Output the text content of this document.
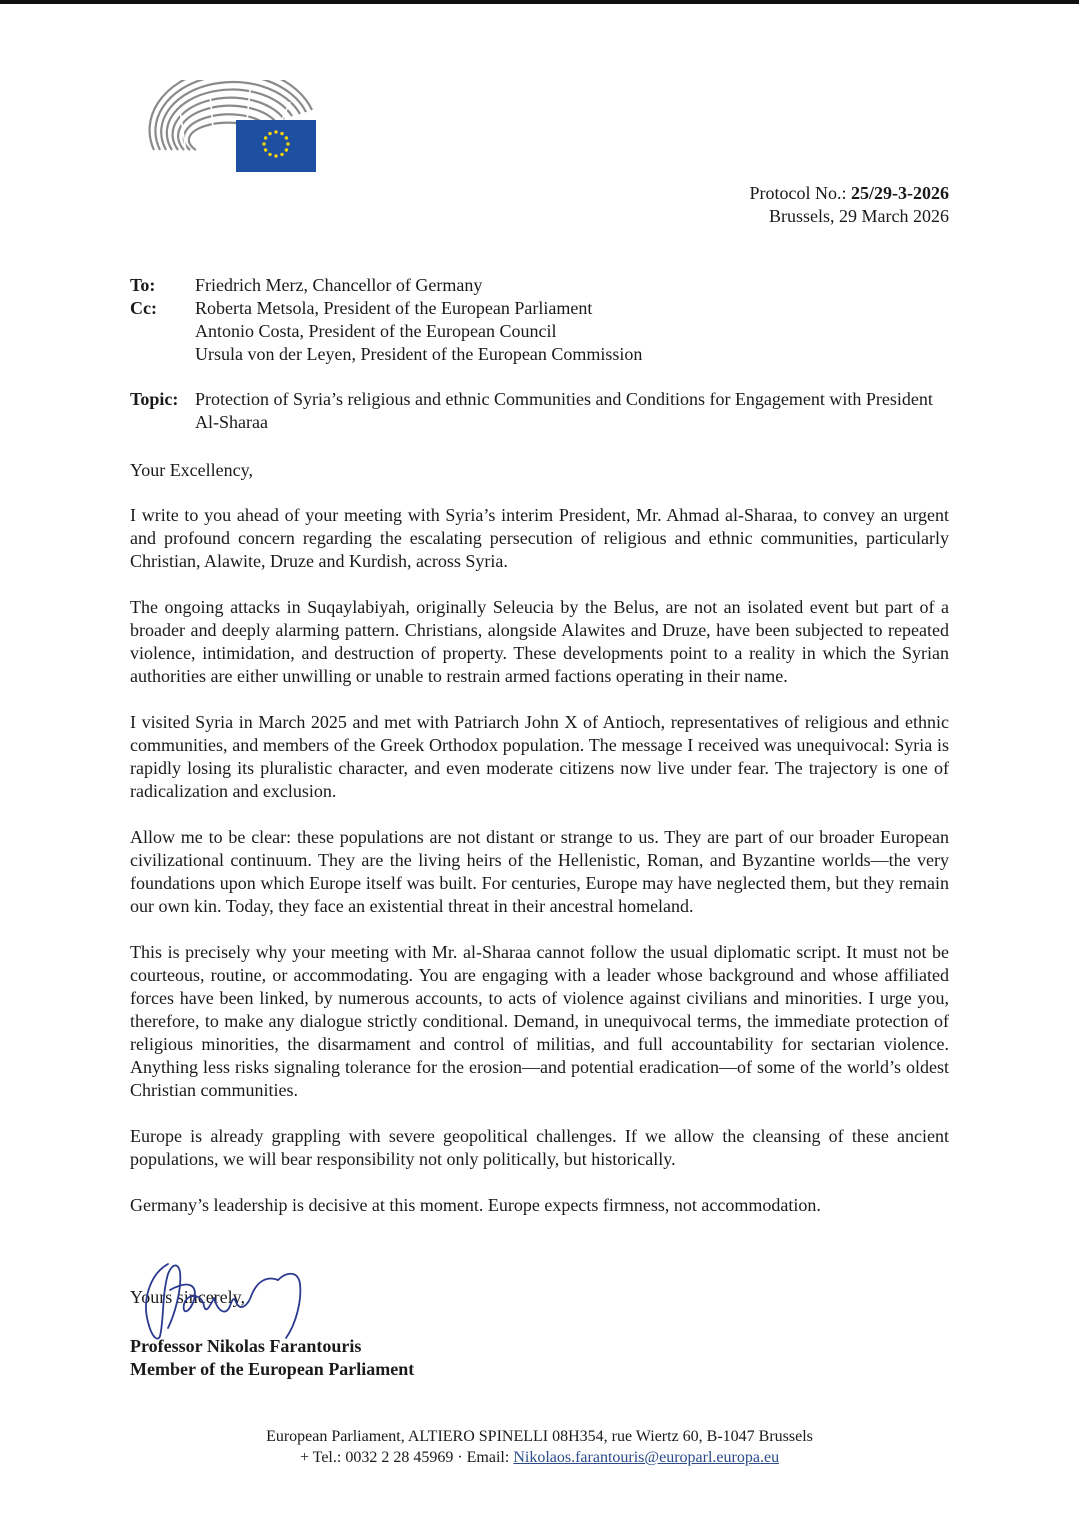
Protocol No.: 25/29-3-2026
Brussels, 29 March 2026
To:	Friedrich Merz, Chancellor of Germany
Cc:	Roberta Metsola, President of the European Parliament
Antonio Costa, President of the European Council
Ursula von der Leyen, President of the European Commission
Topic: Protection of Syria’s religious and ethnic Communities and Conditions for Engagement with President Al-Sharaa

Your Excellency,

I write to you ahead of your meeting with Syria’s interim President, Mr. Ahmad al-Sharaa, to convey an urgent and profound concern regarding the escalating persecution of religious and ethnic communities, particularly Christian, Alawite, Druze and Kurdish, across Syria.

The ongoing attacks in Suqaylabiyah, originally Seleucia by the Belus, are not an isolated event but part of a broader and deeply alarming pattern. Christians, alongside Alawites and Druze, have been subjected to repeated violence, intimidation, and destruction of property. These developments point to a reality in which the Syrian authorities are either unwilling or unable to restrain armed factions operating in their name.

I visited Syria in March 2025 and met with Patriarch John X of Antioch, representatives of religious and ethnic communities, and members of the Greek Orthodox population. The message I received was unequivocal: Syria is rapidly losing its pluralistic character, and even moderate citizens now live under fear. The trajectory is one of radicalization and exclusion.

Allow me to be clear: these populations are not distant or strange to us. They are part of our broader European civilizational continuum. They are the living heirs of the Hellenistic, Roman, and Byzantine worlds—the very foundations upon which Europe itself was built. For centuries, Europe may have neglected them, but they remain our own kin. Today, they face an existential threat in their ancestral homeland.

This is precisely why your meeting with Mr. al-Sharaa cannot follow the usual diplomatic script. It must not be courteous, routine, or accommodating. You are engaging with a leader whose background and whose affiliated forces have been linked, by numerous accounts, to acts of violence against civilians and minorities. I urge you, therefore, to make any dialogue strictly conditional. Demand, in unequivocal terms, the immediate protection of religious minorities, the disarmament and control of militias, and full accountability for sectarian violence. Anything less risks signaling tolerance for the erosion—and potential eradication—of some of the world’s oldest Christian communities.

Europe is already grappling with severe geopolitical challenges. If we allow the cleansing of these ancient populations, we will bear responsibility not only politically, but historically.

Germany’s leadership is decisive at this moment. Europe expects firmness, not accommodation.

Yours sincerely,
Professor Nikolas Farantouris
Member of the European Parliament
European Parliament, ALTIERO SPINELLI 08H354, rue Wiertz 60, B-1047 Brussels
+ Tel.: 0032 2 28 45969 · Email: Nikolaos.farantouris@europarl.europa.eu
